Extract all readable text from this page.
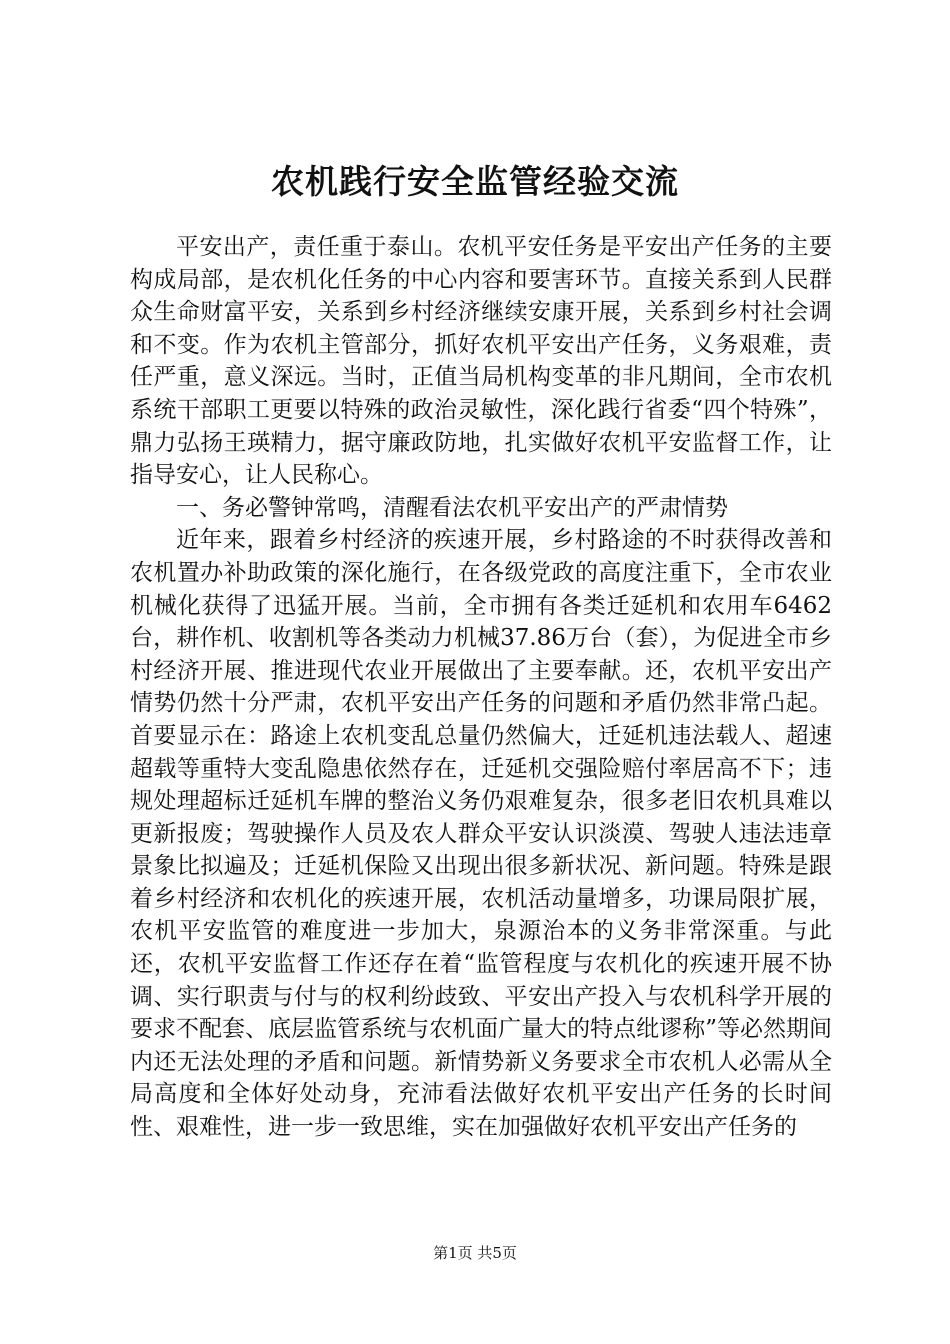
农机践行安全监管经验交流

平安出产，责任重于泰山。农机平安任务是平安出产任务的主要构成局部，是农机化任务的中心内容和要害环节。直接关系到人民群众生命财富平安，关系到乡村经济继续安康开展，关系到乡村社会调和不变。作为农机主管部分，抓好农机平安出产任务，义务艰难，责任严重，意义深远。当时，正值当局机构变革的非凡期间，全市农机系统干部职工更要以特殊的政治灵敏性，深化践行省委“四个特殊”，鼎力弘扬王瑛精力，据守廉政防地，扎实做好农机平安监督工作，让指导安心，让人民称心。

一、务必警钟常鸣，清醒看法农机平安出产的严肃情势

近年来，跟着乡村经济的疾速开展，乡村路途的不时获得改善和农机置办补助政策的深化施行，在各级党政的高度注重下，全市农业机械化获得了迅猛开展。当前，全市拥有各类迁延机和农用车6462台，耕作机、收割机等各类动力机械37.86万台（套），为促进全市乡村经济开展、推进现代农业开展做出了主要奉献。还，农机平安出产情势仍然十分严肃，农机平安出产任务的问题和矛盾仍然非常凸起。首要显示在：路途上农机变乱总量仍然偏大，迁延机违法载人、超速超载等重特大变乱隐患依然存在，迁延机交强险赔付率居高不下；违规处理超标迁延机车牌的整治义务仍艰难复杂，很多老旧农机具难以更新报废；驾驶操作人员及农人群众平安认识淡漠、驾驶人违法违章景象比拟遍及；迁延机保险又出现出很多新状况、新问题。特殊是跟着乡村经济和农机化的疾速开展，农机活动量增多，功课局限扩展，农机平安监管的难度进一步加大，泉源治本的义务非常深重。与此还，农机平安监督工作还存在着“监管程度与农机化的疾速开展不协调、实行职责与付与的权利纷歧致、平安出产投入与农机科学开展的要求不配套、底层监管系统与农机面广量大的特点纰谬称”等必然期间内还无法处理的矛盾和问题。新情势新义务要求全市农机人必需从全局高度和全体好处动身，充沛看法做好农机平安出产任务的长时间性、艰难性，进一步一致思维，实在加强做好农机平安出产任务的

第1页 共5页
